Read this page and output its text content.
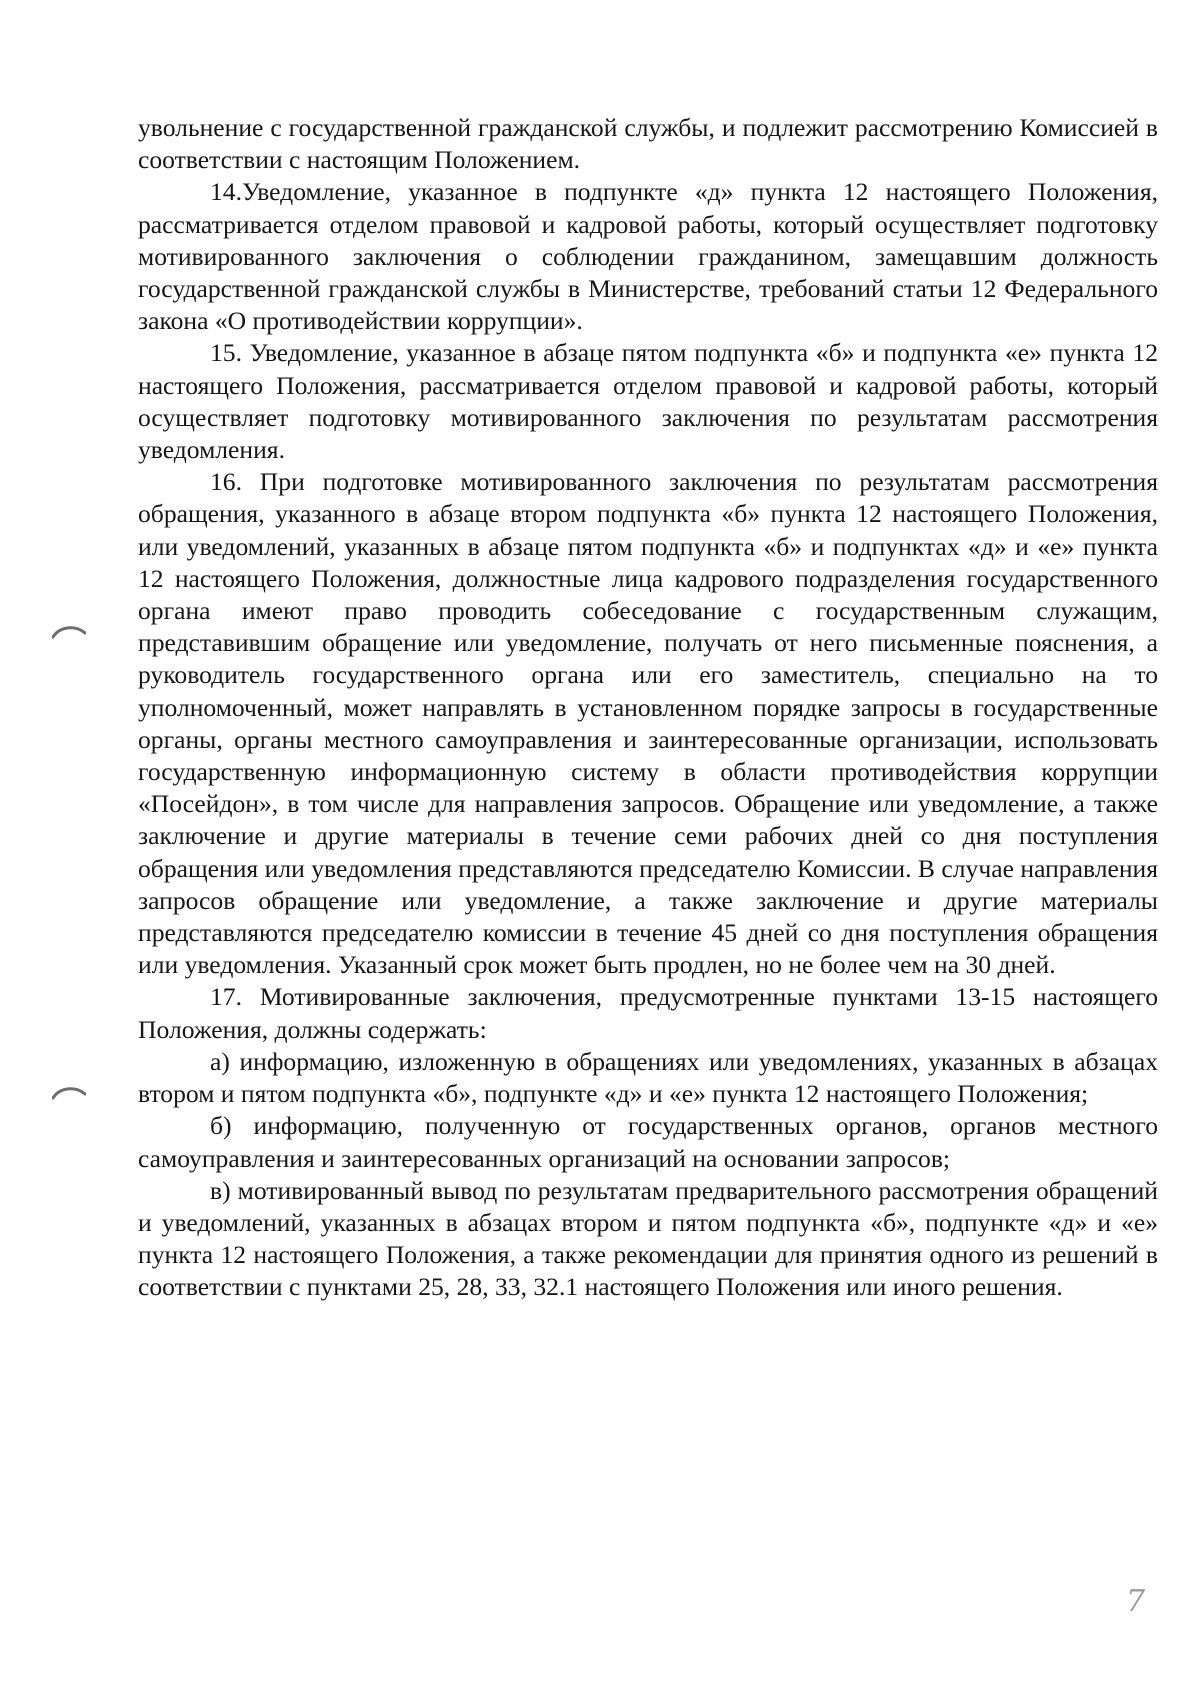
увольнение с государственной гражданской службы, и подлежит рассмотрению Комиссией в соответствии с настоящим Положением.

14.Уведомление, указанное в подпункте «д» пункта 12 настоящего Положения, рассматривается отделом правовой и кадровой работы, который осуществляет подготовку мотивированного заключения о соблюдении гражданином, замещавшим должность государственной гражданской службы в Министерстве, требований статьи 12 Федерального закона «О противодействии коррупции».

15. Уведомление, указанное в абзаце пятом подпункта «б» и подпункта «е» пункта 12 настоящего Положения, рассматривается отделом правовой и кадровой работы, который осуществляет подготовку мотивированного заключения по результатам рассмотрения уведомления.

16. При подготовке мотивированного заключения по результатам рассмотрения обращения, указанного в абзаце втором подпункта «б» пункта 12 настоящего Положения, или уведомлений, указанных в абзаце пятом подпункта «б» и подпунктах «д» и «е» пункта 12 настоящего Положения, должностные лица кадрового подразделения государственного органа имеют право проводить собеседование с государственным служащим, представившим обращение или уведомление, получать от него письменные пояснения, а руководитель государственного органа или его заместитель, специально на то уполномоченный, может направлять в установленном порядке запросы в государственные органы, органы местного самоуправления и заинтересованные организации, использовать государственную информационную систему в области противодействия коррупции «Посейдон», в том числе для направления запросов. Обращение или уведомление, а также заключение и другие материалы в течение семи рабочих дней со дня поступления обращения или уведомления представляются председателю Комиссии. В случае направления запросов обращение или уведомление, а также заключение и другие материалы представляются председателю комиссии в течение 45 дней со дня поступления обращения или уведомления. Указанный срок может быть продлен, но не более чем на 30 дней.

17. Мотивированные заключения, предусмотренные пунктами 13-15 настоящего Положения, должны содержать:

а) информацию, изложенную в обращениях или уведомлениях, указанных в абзацах втором и пятом подпункта «б», подпункте «д» и «е» пункта 12 настоящего Положения;

б) информацию, полученную от государственных органов, органов местного самоуправления и заинтересованных организаций на основании запросов;

в) мотивированный вывод по результатам предварительного рассмотрения обращений и уведомлений, указанных в абзацах втором и пятом подпункта «б», подпункте «д» и «е» пункта 12 настоящего Положения, а также рекомендации для принятия одного из решений в соответствии с пунктами 25, 28, 33, 32.1 настоящего Положения или иного решения.

7
